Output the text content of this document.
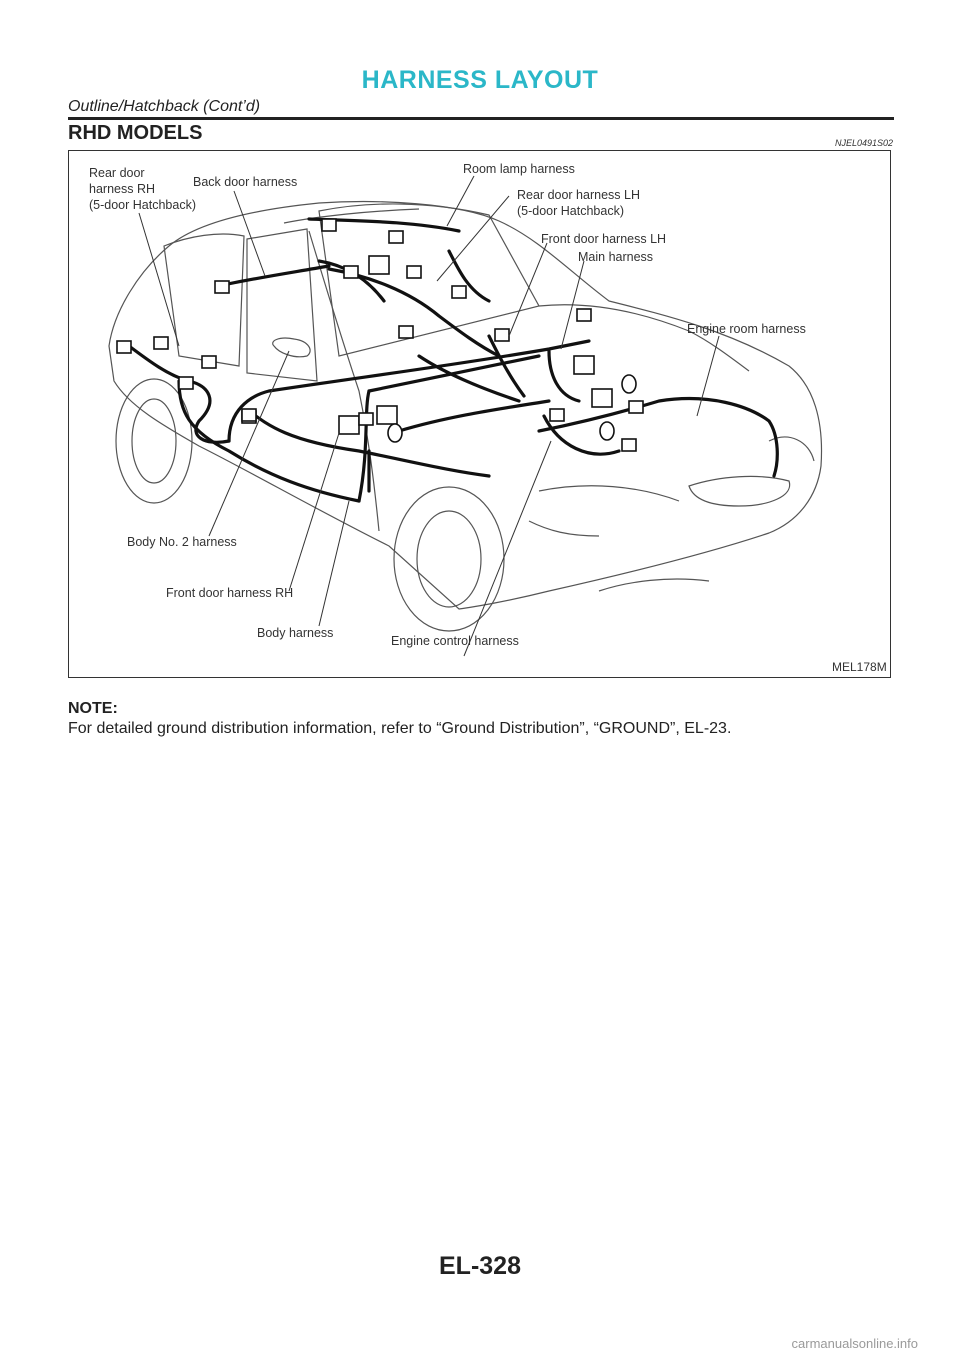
HARNESS LAYOUT
Outline/Hatchback (Cont’d)
RHD MODELS	NJEL0491S02
Rear door
harness RH
(5-door Hatchback)
Back door harness
Room lamp harness
Rear door harness LH
(5-door Hatchback)
Front door harness LH
Main harness
Engine room harness
Body No. 2 harness
Front door harness RH
Body harness
Engine control harness
MEL178M
NOTE:
For detailed ground distribution information, refer to “Ground Distribution”, “GROUND”, EL-23.
EL-328
carmanualsonline.info
